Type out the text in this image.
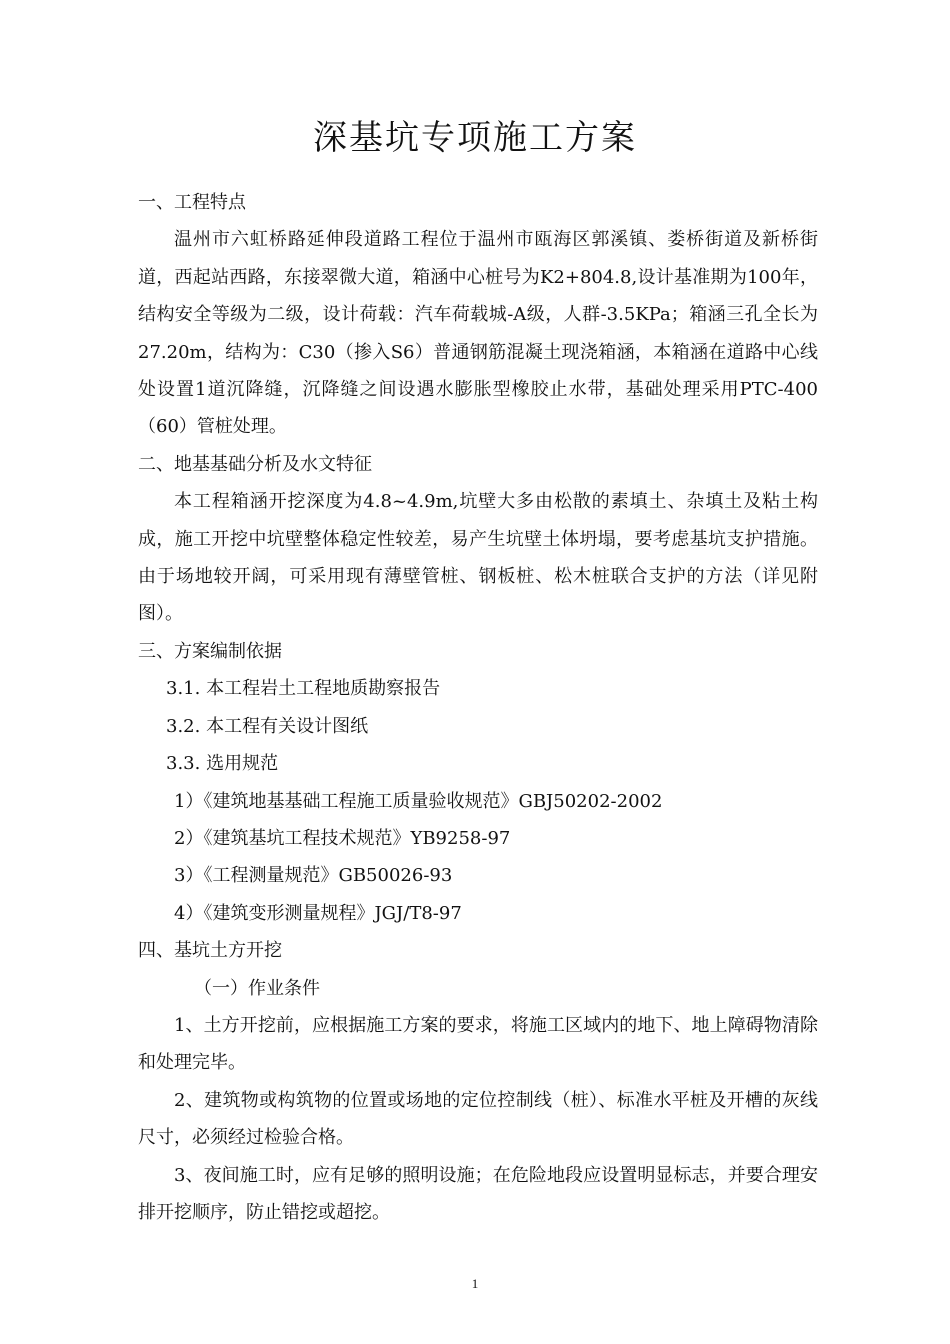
深基坑专项施工方案

一、工程特点

温州市六虹桥路延伸段道路工程位于温州市瓯海区郭溪镇、娄桥街道及新桥街道，西起站西路，东接翠微大道，箱涵中心桩号为K2+804.8,设计基准期为100年，结构安全等级为二级，设计荷载：汽车荷载城-A级，人群-3.5KPa；箱涵三孔全长为27.20m，结构为：C30（掺入S6）普通钢筋混凝土现浇箱涵，本箱涵在道路中心线处设置1道沉降缝，沉降缝之间设遇水膨胀型橡胶止水带，基础处理采用PTC-400（60）管桩处理。

二、地基基础分析及水文特征

本工程箱涵开挖深度为4.8~4.9m,坑壁大多由松散的素填土、杂填土及粘土构成，施工开挖中坑壁整体稳定性较差，易产生坑壁土体坍塌，要考虑基坑支护措施。由于场地较开阔，可采用现有薄壁管桩、钢板桩、松木桩联合支护的方法（详见附图）。

三、方案编制依据

3.1. 本工程岩土工程地质勘察报告

3.2. 本工程有关设计图纸

3.3. 选用规范

1）《建筑地基基础工程施工质量验收规范》GBJ50202-2002

2）《建筑基坑工程技术规范》YB9258-97

3）《工程测量规范》GB50026-93

4）《建筑变形测量规程》JGJ/T8-97

四、基坑土方开挖

（一）作业条件

1、土方开挖前，应根据施工方案的要求，将施工区域内的地下、地上障碍物清除和处理完毕。

2、建筑物或构筑物的位置或场地的定位控制线（桩）、标准水平桩及开槽的灰线尺寸，必须经过检验合格。

3、夜间施工时，应有足够的照明设施；在危险地段应设置明显标志，并要合理安排开挖顺序，防止错挖或超挖。

1
